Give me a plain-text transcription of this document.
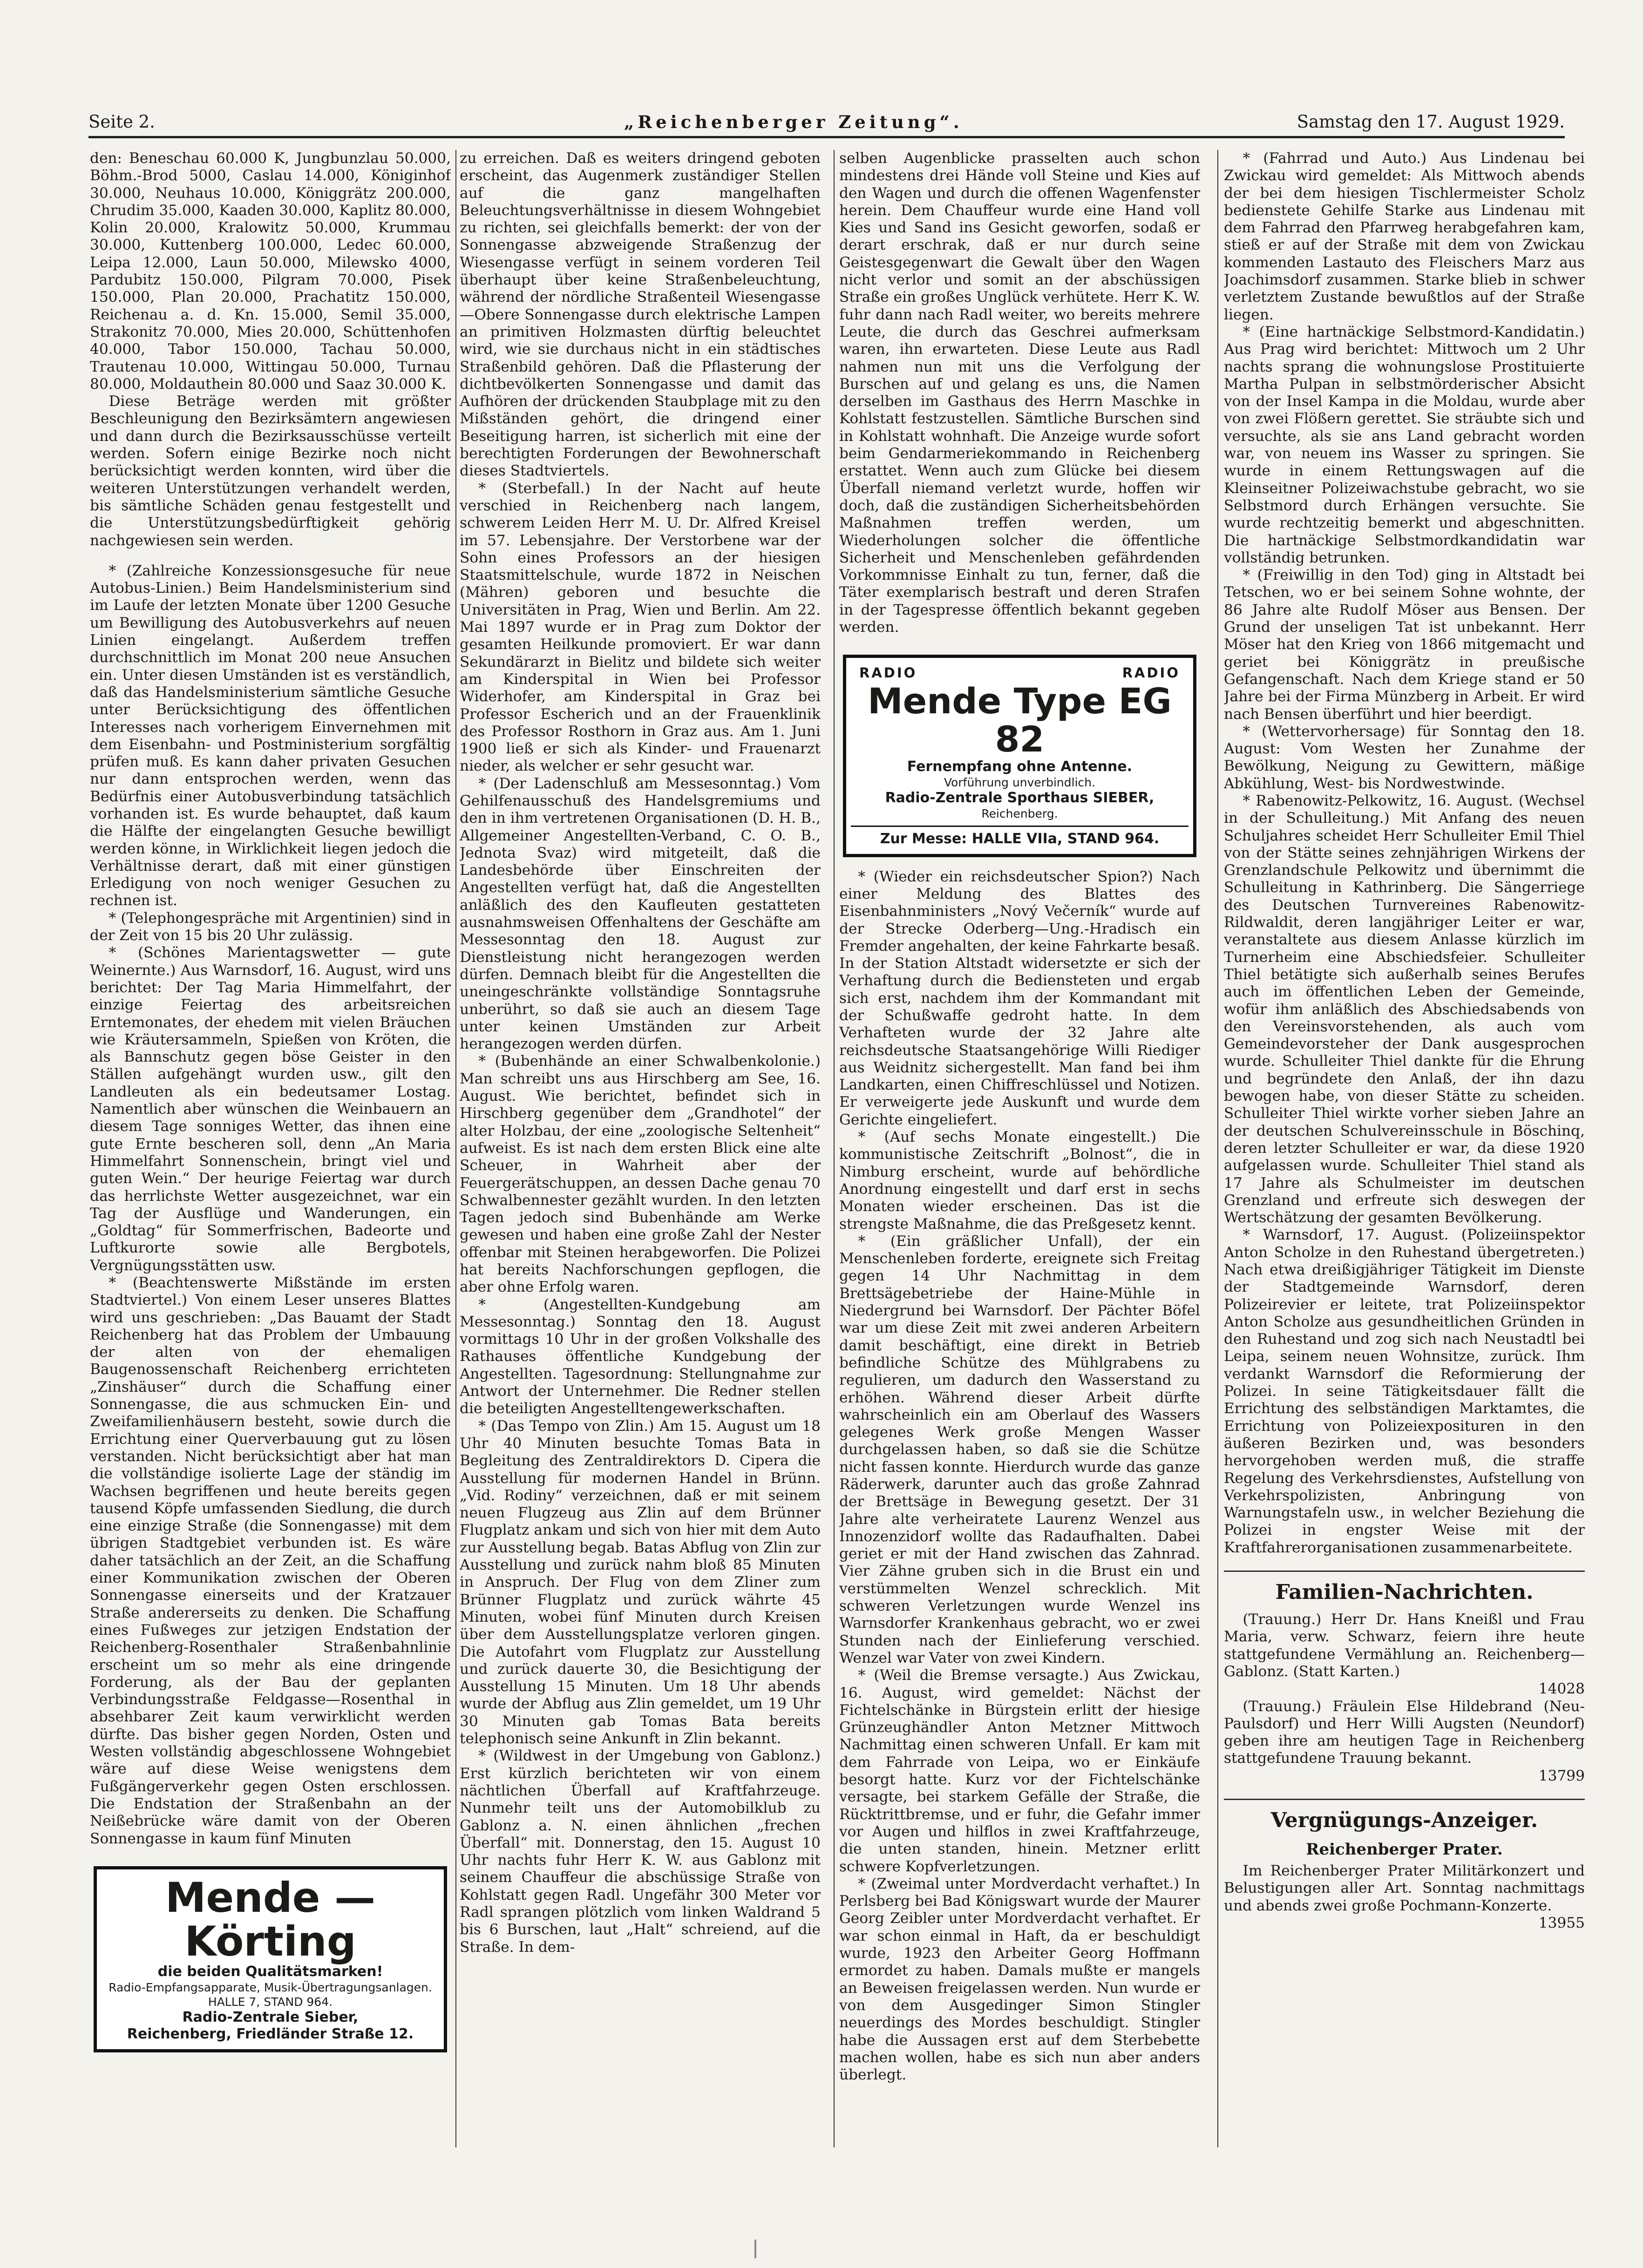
Seite 2.	„Reichenberger Zeitung“.	Samstag den 17. August 1929.

den: Beneschau 60.000 K, Jungbunzlau 50.000, Böhm.-Brod 5000, Caslau 14.000, Königinhof 30.000, Neuhaus 10.000, Königgrätz 200.000, Chrudim 35.000, Kaaden 30.000, Kaplitz 80.000, Kolin 20.000, Kralowitz 50.000, Krummau 30.000, Kuttenberg 100.000, Ledec 60.000, Leipa 12.000, Laun 50.000, Milewsko 4000, Pardubitz 150.000, Pilgram 70.000, Pisek 150.000, Plan 20.000, Prachatitz 150.000, Reichenau a. d. Kn. 15.000, Semil 35.000, Strakonitz 70.000, Mies 20.000, Schüttenhofen 40.000, Tabor 150.000, Tachau 50.000, Trautenau 10.000, Wittingau 50.000, Turnau 80.000, Moldauthein 80.000 und Saaz 30.000 K.

Diese Beträge werden mit größter Beschleunigung den Bezirksämtern angewiesen und dann durch die Bezirksausschüsse verteilt werden. Sofern einige Bezirke noch nicht berücksichtigt werden konnten, wird über die weiteren Unterstützungen verhandelt werden, bis sämtliche Schäden genau festgestellt und die Unterstützungsbedürftigkeit gehörig nachgewiesen sein werden.

* (Zahlreiche Konzessionsgesuche für neue Autobus-Linien.) Beim Handelsministerium sind im Laufe der letzten Monate über 1200 Gesuche um Bewilligung des Autobusverkehrs auf neuen Linien eingelangt. Außerdem treffen durchschnittlich im Monat 200 neue Ansuchen ein. Unter diesen Umständen ist es verständlich, daß das Handelsministerium sämtliche Gesuche unter Berücksichtigung des öffentlichen Interesses nach vorherigem Einvernehmen mit dem Eisenbahn- und Postministerium sorgfältig prüfen muß. Es kann daher privaten Gesuchen nur dann entsprochen werden, wenn das Bedürfnis einer Autobusverbindung tatsächlich vorhanden ist. Es wurde behauptet, daß kaum die Hälfte der eingelangten Gesuche bewilligt werden könne, in Wirklichkeit liegen jedoch die Verhältnisse derart, daß mit einer günstigen Erledigung von noch weniger Gesuchen zu rechnen ist.

* (Telephongespräche mit Argentinien) sind in der Zeit von 15 bis 20 Uhr zulässig.

* (Schönes Marientagswetter — gute Weinernte.) Aus Warnsdorf, 16. August, wird uns berichtet: Der Tag Maria Himmelfahrt, der einzige Feiertag des arbeitsreichen Erntemonates, der ehedem mit vielen Bräuchen wie Kräutersammeln, Spießen von Kröten, die als Bannschutz gegen böse Geister in den Ställen aufgehängt wurden usw., gilt den Landleuten als ein bedeutsamer Lostag. Namentlich aber wünschen die Weinbauern an diesem Tage sonniges Wetter, das ihnen eine gute Ernte bescheren soll, denn „An Maria Himmelfahrt Sonnenschein, bringt viel und guten Wein.“ Der heurige Feiertag war durch das herrlichste Wetter ausgezeichnet, war ein Tag der Ausflüge und Wanderungen, ein „Goldtag“ für Sommerfrischen, Badeorte und Luftkurorte sowie alle Bergbotels, Vergnügungsstätten usw.

* (Beachtenswerte Mißstände im ersten Stadtviertel.) Von einem Leser unseres Blattes wird uns geschrieben: „Das Bauamt der Stadt Reichenberg hat das Problem der Umbauung der alten von der ehemaligen Baugenossenschaft Reichenberg errichteten „Zinshäuser“ durch die Schaffung einer Sonnengasse, die aus schmucken Ein- und Zweifamilienhäusern besteht, sowie durch die Errichtung einer Querverbauung gut zu lösen verstanden. Nicht berücksichtigt aber hat man die vollständige isolierte Lage der ständig im Wachsen begriffenen und heute bereits gegen tausend Köpfe umfassenden Siedlung, die durch eine einzige Straße (die Sonnengasse) mit dem übrigen Stadtgebiet verbunden ist. Es wäre daher tatsächlich an der Zeit, an die Schaffung einer Kommunikation zwischen der Oberen Sonnengasse einerseits und der Kratzauer Straße andererseits zu denken. Die Schaffung eines Fußweges zur jetzigen Endstation der Reichenberg-Rosenthaler Straßenbahnlinie erscheint um so mehr als eine dringende Forderung, als der Bau der geplanten Verbindungsstraße Feldgasse—Rosenthal in absehbarer Zeit kaum verwirklicht werden dürfte. Das bisher gegen Norden, Osten und Westen vollständig abgeschlossene Wohngebiet wäre auf diese Weise wenigstens dem Fußgängerverkehr gegen Osten erschlossen. Die Endstation der Straßenbahn an der Neißebrücke wäre damit von der Oberen Sonnengasse in kaum fünf Minuten

Mende — Körting
die beiden Qualitätsmarken!
Radio-Empfangsapparate, Musik-Übertragungsanlagen. HALLE 7, STAND 964.
Radio-Zentrale Sieber,
Reichenberg, Friedländer Straße 12.

zu erreichen. Daß es weiters dringend geboten erscheint, das Augenmerk zuständiger Stellen auf die ganz mangelhaften Beleuchtungsverhältnisse in diesem Wohngebiet zu richten, sei gleichfalls bemerkt: der von der Sonnengasse abzweigende Straßenzug der Wiesengasse verfügt in seinem vorderen Teil überhaupt über keine Straßenbeleuchtung, während der nördliche Straßenteil Wiesengasse—Obere Sonnengasse durch elektrische Lampen an primitiven Holzmasten dürftig beleuchtet wird, wie sie durchaus nicht in ein städtisches Straßenbild gehören. Daß die Pflasterung der dichtbevölkerten Sonnengasse und damit das Aufhören der drückenden Staubplage mit zu den Mißständen gehört, die dringend einer Beseitigung harren, ist sicherlich mit eine der berechtigten Forderungen der Bewohnerschaft dieses Stadtviertels.

* (Sterbefall.) In der Nacht auf heute verschied in Reichenberg nach langem, schwerem Leiden Herr M. U. Dr. Alfred Kreisel im 57. Lebensjahre. Der Verstorbene war der Sohn eines Professors an der hiesigen Staatsmittelschule, wurde 1872 in Neischen (Mähren) geboren und besuchte die Universitäten in Prag, Wien und Berlin. Am 22. Mai 1897 wurde er in Prag zum Doktor der gesamten Heilkunde promoviert. Er war dann Sekundärarzt in Bielitz und bildete sich weiter am Kinderspital in Wien bei Professor Widerhofer, am Kinderspital in Graz bei Professor Escherich und an der Frauenklinik des Professor Rosthorn in Graz aus. Am 1. Juni 1900 ließ er sich als Kinder- und Frauenarzt nieder, als welcher er sehr gesucht war.

* (Der Ladenschluß am Messesonntag.) Vom Gehilfenausschuß des Handelsgremiums und den in ihm vertretenen Organisationen (D. H. B., Allgemeiner Angestellten-Verband, C. O. B., Jednota Svaz) wird mitgeteilt, daß die Landesbehörde über Einschreiten der Angestellten verfügt hat, daß die Angestellten anläßlich des den Kaufleuten gestatteten ausnahmsweisen Offenhaltens der Geschäfte am Messesonntag den 18. August zur Dienstleistung nicht herangezogen werden dürfen. Demnach bleibt für die Angestellten die uneingeschränkte vollständige Sonntagsruhe unberührt, so daß sie auch an diesem Tage unter keinen Umständen zur Arbeit herangezogen werden dürfen.

* (Bubenhände an einer Schwalbenkolonie.) Man schreibt uns aus Hirschberg am See, 16. August. Wie berichtet, befindet sich in Hirschberg gegenüber dem „Grandhotel“ der alter Holzbau, der eine „zoologische Seltenheit“ aufweist. Es ist nach dem ersten Blick eine alte Scheuer, in Wahrheit aber der Feuergerätschuppen, an dessen Dache genau 70 Schwalbennester gezählt wurden. In den letzten Tagen jedoch sind Bubenhände am Werke gewesen und haben eine große Zahl der Nester offenbar mit Steinen herabgeworfen. Die Polizei hat bereits Nachforschungen gepflogen, die aber ohne Erfolg waren.

* (Angestellten-Kundgebung am Messesonntag.) Sonntag den 18. August vormittags 10 Uhr in der großen Volkshalle des Rathauses öffentliche Kundgebung der Angestellten. Tagesordnung: Stellungnahme zur Antwort der Unternehmer. Die Redner stellen die beteiligten Angestelltengewerkschaften.

* (Das Tempo von Zlin.) Am 15. August um 18 Uhr 40 Minuten besuchte Tomas Bata in Begleitung des Zentraldirektors D. Cipera die Ausstellung für modernen Handel in Brünn. „Vid. Rodiny“ verzeichnen, daß er mit seinem neuen Flugzeug aus Zlin auf dem Brünner Flugplatz ankam und sich von hier mit dem Auto zur Ausstellung begab. Batas Abflug von Zlin zur Ausstellung und zurück nahm bloß 85 Minuten in Anspruch. Der Flug von dem Zliner zum Brünner Flugplatz und zurück währte 45 Minuten, wobei fünf Minuten durch Kreisen über dem Ausstellungsplatze verloren gingen. Die Autofahrt vom Flugplatz zur Ausstellung und zurück dauerte 30, die Besichtigung der Ausstellung 15 Minuten. Um 18 Uhr abends wurde der Abflug aus Zlin gemeldet, um 19 Uhr 30 Minuten gab Tomas Bata bereits telephonisch seine Ankunft in Zlin bekannt.

* (Wildwest in der Umgebung von Gablonz.) Erst kürzlich berichteten wir von einem nächtlichen Überfall auf Kraftfahrzeuge. Nunmehr teilt uns der Automobilklub zu Gablonz a. N. einen ähnlichen „frechen Überfall“ mit. Donnerstag, den 15. August 10 Uhr nachts fuhr Herr K. W. aus Gablonz mit seinem Chauffeur die abschüssige Straße von Kohlstatt gegen Radl. Ungefähr 300 Meter vor Radl sprangen plötzlich vom linken Waldrand 5 bis 6 Burschen, laut „Halt“ schreiend, auf die Straße. In dem-

selben Augenblicke prasselten auch schon mindestens drei Hände voll Steine und Kies auf den Wagen und durch die offenen Wagenfenster herein. Dem Chauffeur wurde eine Hand voll Kies und Sand ins Gesicht geworfen, sodaß er derart erschrak, daß er nur durch seine Geistesgegenwart die Gewalt über den Wagen nicht verlor und somit an der abschüssigen Straße ein großes Unglück verhütete. Herr K. W. fuhr dann nach Radl weiter, wo bereits mehrere Leute, die durch das Geschrei aufmerksam waren, ihn erwarteten. Diese Leute aus Radl nahmen nun mit uns die Verfolgung der Burschen auf und gelang es uns, die Namen derselben im Gasthaus des Herrn Maschke in Kohlstatt festzustellen. Sämtliche Burschen sind in Kohlstatt wohnhaft. Die Anzeige wurde sofort beim Gendarmeriekommando in Reichenberg erstattet. Wenn auch zum Glücke bei diesem Überfall niemand verletzt wurde, hoffen wir doch, daß die zuständigen Sicherheitsbehörden Maßnahmen treffen werden, um Wiederholungen solcher die öffentliche Sicherheit und Menschenleben gefährdenden Vorkommnisse Einhalt zu tun, ferner, daß die Täter exemplarisch bestraft und deren Strafen in der Tagespresse öffentlich bekannt gegeben werden.

RADIO	RADIO
Mende Type EG 82
Fernempfang ohne Antenne.
Vorführung unverbindlich.
Radio-Zentrale Sporthaus SIEBER,
Reichenberg.
Zur Messe: HALLE VIIa, STAND 964.

* (Wieder ein reichsdeutscher Spion?) Nach einer Meldung des Blattes des Eisenbahnministers „Nový Večerník“ wurde auf der Strecke Oderberg—Ung.-Hradisch ein Fremder angehalten, der keine Fahrkarte besaß. In der Station Altstadt widersetzte er sich der Verhaftung durch die Bediensteten und ergab sich erst, nachdem ihm der Kommandant mit der Schußwaffe gedroht hatte. In dem Verhafteten wurde der 32 Jahre alte reichsdeutsche Staatsangehörige Willi Riediger aus Weidnitz sichergestellt. Man fand bei ihm Landkarten, einen Chiffreschlüssel und Notizen. Er verweigerte jede Auskunft und wurde dem Gerichte eingeliefert.

* (Auf sechs Monate eingestellt.) Die kommunistische Zeitschrift „Bolnost“, die in Nimburg erscheint, wurde auf behördliche Anordnung eingestellt und darf erst in sechs Monaten wieder erscheinen. Das ist die strengste Maßnahme, die das Preßgesetz kennt.

* (Ein gräßlicher Unfall), der ein Menschenleben forderte, ereignete sich Freitag gegen 14 Uhr Nachmittag in dem Brettsägebetriebe der Haine-Mühle in Niedergrund bei Warnsdorf. Der Pächter Böfel war um diese Zeit mit zwei anderen Arbeitern damit beschäftigt, eine direkt in Betrieb befindliche Schütze des Mühlgrabens zu regulieren, um dadurch den Wasserstand zu erhöhen. Während dieser Arbeit dürfte wahrscheinlich ein am Oberlauf des Wassers gelegenes Werk große Mengen Wasser durchgelassen haben, so daß sie die Schütze nicht fassen konnte. Hierdurch wurde das ganze Räderwerk, darunter auch das große Zahnrad der Brettsäge in Bewegung gesetzt. Der 31 Jahre alte verheiratete Laurenz Wenzel aus Innozenzidorf wollte das Radaufhalten. Dabei geriet er mit der Hand zwischen das Zahnrad. Vier Zähne gruben sich in die Brust ein und verstümmelten Wenzel schrecklich. Mit schweren Verletzungen wurde Wenzel ins Warnsdorfer Krankenhaus gebracht, wo er zwei Stunden nach der Einlieferung verschied. Wenzel war Vater von zwei Kindern.

* (Weil die Bremse versagte.) Aus Zwickau, 16. August, wird gemeldet: Nächst der Fichtelschänke in Bürgstein erlitt der hiesige Grünzeughändler Anton Metzner Mittwoch Nachmittag einen schweren Unfall. Er kam mit dem Fahrrade von Leipa, wo er Einkäufe besorgt hatte. Kurz vor der Fichtelschänke versagte, bei starkem Gefälle der Straße, die Rücktrittbremse, und er fuhr, die Gefahr immer vor Augen und hilflos in zwei Kraftfahrzeuge, die unten standen, hinein. Metzner erlitt schwere Kopfverletzungen.

* (Zweimal unter Mordverdacht verhaftet.) In Perlsberg bei Bad Königswart wurde der Maurer Georg Zeibler unter Mordverdacht verhaftet. Er war schon einmal in Haft, da er beschuldigt wurde, 1923 den Arbeiter Georg Hoffmann ermordet zu haben. Damals mußte er mangels an Beweisen freigelassen werden. Nun wurde er von dem Ausgedinger Simon Stingler neuerdings des Mordes beschuldigt. Stingler habe die Aussagen erst auf dem Sterbebette machen wollen, habe es sich nun aber anders überlegt.

* (Fahrrad und Auto.) Aus Lindenau bei Zwickau wird gemeldet: Als Mittwoch abends der bei dem hiesigen Tischlermeister Scholz bedienstete Gehilfe Starke aus Lindenau mit dem Fahrrad den Pfarrweg herabgefahren kam, stieß er auf der Straße mit dem von Zwickau kommenden Lastauto des Fleischers Marz aus Joachimsdorf zusammen. Starke blieb in schwer verletztem Zustande bewußtlos auf der Straße liegen.

* (Eine hartnäckige Selbstmord-Kandidatin.) Aus Prag wird berichtet: Mittwoch um 2 Uhr nachts sprang die wohnungslose Prostituierte Martha Pulpan in selbstmörderischer Absicht von der Insel Kampa in die Moldau, wurde aber von zwei Flößern gerettet. Sie sträubte sich und versuchte, als sie ans Land gebracht worden war, von neuem ins Wasser zu springen. Sie wurde in einem Rettungswagen auf die Kleinseitner Polizeiwachstube gebracht, wo sie Selbstmord durch Erhängen versuchte. Sie wurde rechtzeitig bemerkt und abgeschnitten. Die hartnäckige Selbstmordkandidatin war vollständig betrunken.

* (Freiwillig in den Tod) ging in Altstadt bei Tetschen, wo er bei seinem Sohne wohnte, der 86 Jahre alte Rudolf Möser aus Bensen. Der Grund der unseligen Tat ist unbekannt. Herr Möser hat den Krieg von 1866 mitgemacht und geriet bei Königgrätz in preußische Gefangenschaft. Nach dem Kriege stand er 50 Jahre bei der Firma Münzberg in Arbeit. Er wird nach Bensen überführt und hier beerdigt.

* (Wettervorhersage) für Sonntag den 18. August: Vom Westen her Zunahme der Bewölkung, Neigung zu Gewittern, mäßige Abkühlung, West- bis Nordwestwinde.

* Rabenowitz-Pelkowitz, 16. August. (Wechsel in der Schulleitung.) Mit Anfang des neuen Schuljahres scheidet Herr Schulleiter Emil Thiel von der Stätte seines zehnjährigen Wirkens der Grenzlandschule Pelkowitz und übernimmt die Schulleitung in Kathrinberg. Die Sängerriege des Deutschen Turnvereines Rabenowitz-Rildwaldit, deren langjähriger Leiter er war, veranstaltete aus diesem Anlasse kürzlich im Turnerheim eine Abschiedsfeier. Schulleiter Thiel betätigte sich außerhalb seines Berufes auch im öffentlichen Leben der Gemeinde, wofür ihm anläßlich des Abschiedsabends von den Vereinsvorstehenden, als auch vom Gemeindevorsteher der Dank ausgesprochen wurde. Schulleiter Thiel dankte für die Ehrung und begründete den Anlaß, der ihn dazu bewogen habe, von dieser Stätte zu scheiden. Schulleiter Thiel wirkte vorher sieben Jahre an der deutschen Schulvereinsschule in Böschinq, deren letzter Schulleiter er war, da diese 1920 aufgelassen wurde. Schulleiter Thiel stand als 17 Jahre als Schulmeister im deutschen Grenzland und erfreute sich deswegen der Wertschätzung der gesamten Bevölkerung.

* Warnsdorf, 17. August. (Polizeiinspektor Anton Scholze in den Ruhestand übergetreten.) Nach etwa dreißigjähriger Tätigkeit im Dienste der Stadtgemeinde Warnsdorf, deren Polizeirevier er leitete, trat Polizeiinspektor Anton Scholze aus gesundheitlichen Gründen in den Ruhestand und zog sich nach Neustadtl bei Leipa, seinem neuen Wohnsitze, zurück. Ihm verdankt Warnsdorf die Reformierung der Polizei. In seine Tätigkeitsdauer fällt die Errichtung des selbständigen Marktamtes, die Errichtung von Polizeiexposituren in den äußeren Bezirken und, was besonders hervorgehoben werden muß, die straffe Regelung des Verkehrsdienstes, Aufstellung von Verkehrspolizisten, Anbringung von Warnungstafeln usw., in welcher Beziehung die Polizei in engster Weise mit der Kraftfahrerorganisationen zusammenarbeitete.

Familien-Nachrichten.

(Trauung.) Herr Dr. Hans Kneißl und Frau Maria, verw. Schwarz, feiern ihre heute stattgefundene Vermählung an. Reichenberg—Gablonz. (Statt Karten.)

14028

(Trauung.) Fräulein Else Hildebrand (Neu-Paulsdorf) und Herr Willi Augsten (Neundorf) geben ihre am heutigen Tage in Reichenberg stattgefundene Trauung bekannt.

13799

Vergnügungs-Anzeiger.
Reichenberger Prater.

Im Reichenberger Prater Militärkonzert und Belustigungen aller Art. Sonntag nachmittags und abends zwei große Pochmann-Konzerte.

13955
